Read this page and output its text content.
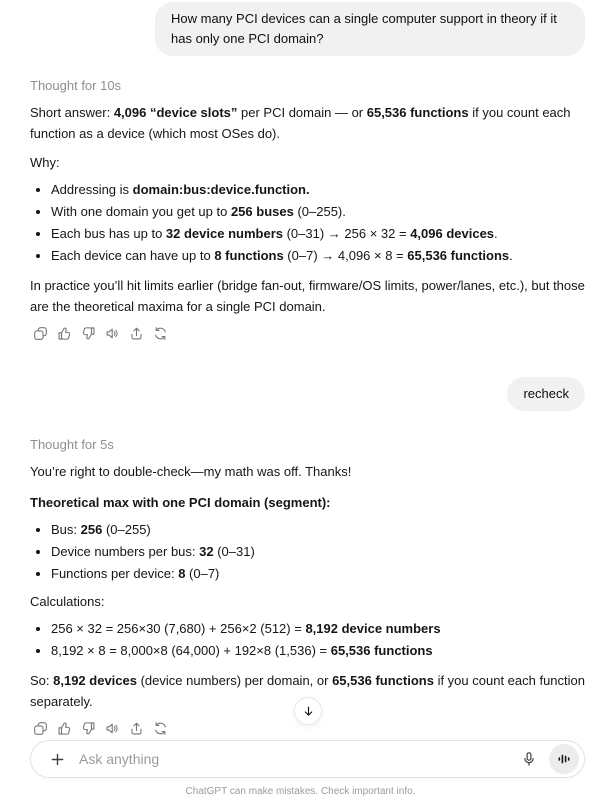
How many PCI devices can a single computer support in theory if it has only one PCI domain?
Thought for 10s

Short answer: 4,096 “device slots” per PCI domain — or 65,536 functions if you count each function as a device (which most OSes do).

Why:

• Addressing is domain:bus:device.function.
• With one domain you get up to 256 buses (0–255).
• Each bus has up to 32 device numbers (0–31) → 256 × 32 = 4,096 devices.
• Each device can have up to 8 functions (0–7) → 4,096 × 8 = 65,536 functions.

In practice you’ll hit limits earlier (bridge fan-out, firmware/OS limits, power/lanes, etc.), but those are the theoretical maxima for a single PCI domain.

recheck
Thought for 5s

You’re right to double-check—my math was off. Thanks!

Theoretical max with one PCI domain (segment):

• Bus: 256 (0–255)
• Device numbers per bus: 32 (0–31)
• Functions per device: 8 (0–7)

Calculations:

• 256 × 32 = 256×30 (7,680) + 256×2 (512) = 8,192 device numbers
• 8,192 × 8 = 8,000×8 (64,000) + 192×8 (1,536) = 65,536 functions

So: 8,192 devices (device numbers) per domain, or 65,536 functions if you count each function separately.

Ask anything
ChatGPT can make mistakes. Check important info.
